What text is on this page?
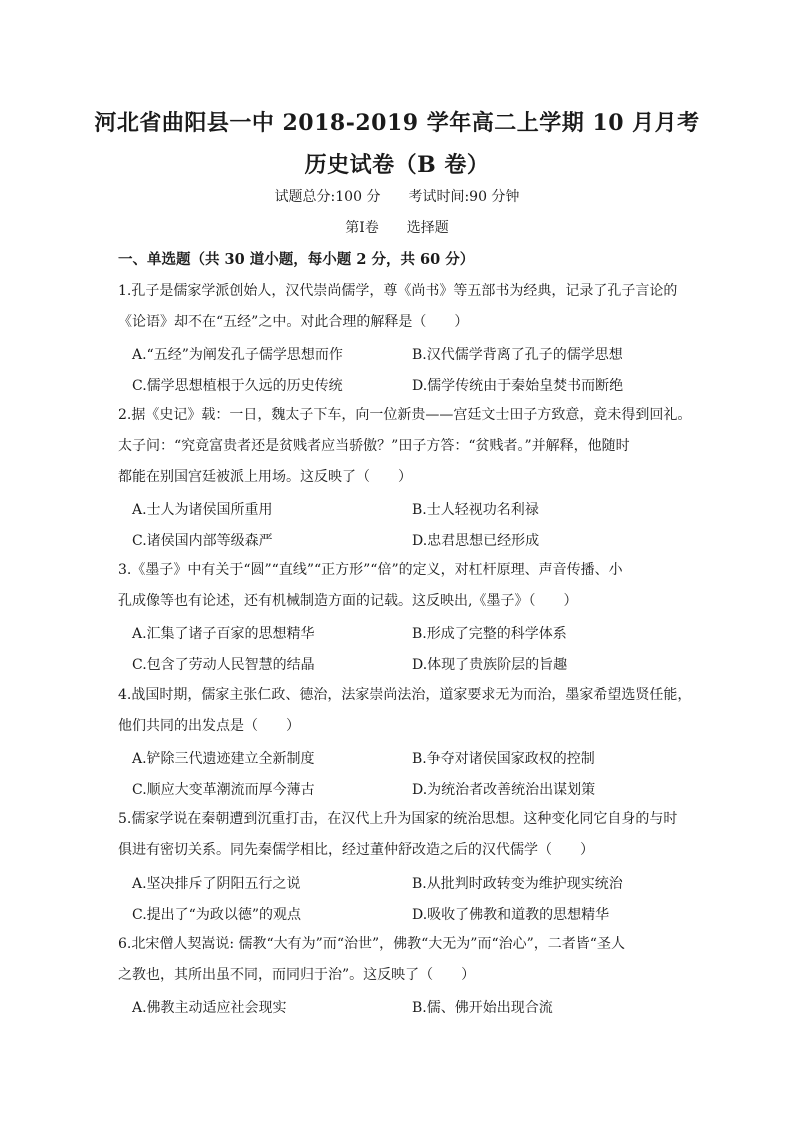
河北省曲阳县一中 2018-2019 学年高二上学期 10 月月考
历史试卷（B 卷）
试题总分:100 分　　考试时间:90 分钟
第Ⅰ卷　　选择题
一、单选题（共 30 道小题，每小题 2 分，共 60 分）
1.孔子是儒家学派创始人，汉代崇尚儒学，尊《尚书》等五部书为经典，记录了孔子言论的
《论语》却不在“五经”之中。对此合理的解释是（　　）
A.“五经”为阐发孔子儒学思想而作	B.汉代儒学背离了孔子的儒学思想
C.儒学思想植根于久远的历史传统	D.儒学传统由于秦始皇焚书而断绝
2.据《史记》载：一日，魏太子下车，向一位新贵——宫廷文士田子方致意，竟未得到回礼。
太子问：“究竟富贵者还是贫贱者应当骄傲？”田子方答：“贫贱者。”并解释，他随时
都能在别国宫廷被派上用场。这反映了（　　）
A.士人为诸侯国所重用	B.士人轻视功名利禄
C.诸侯国内部等级森严	D.忠君思想已经形成
3.《墨子》中有关于“圆”“直线”“正方形”“倍”的定义，对杠杆原理、声音传播、小
孔成像等也有论述，还有机械制造方面的记载。这反映出,《墨子》（　　）
A.汇集了诸子百家的思想精华	B.形成了完整的科学体系
C.包含了劳动人民智慧的结晶	D.体现了贵族阶层的旨趣
4.战国时期，儒家主张仁政、德治，法家崇尚法治，道家要求无为而治，墨家希望选贤任能，
他们共同的出发点是（　　）
A.铲除三代遗迹建立全新制度	B.争夺对诸侯国家政权的控制
C.顺应大变革潮流而厚今薄古	D.为统治者改善统治出谋划策
5.儒家学说在秦朝遭到沉重打击，在汉代上升为国家的统治思想。这种变化同它自身的与时
俱进有密切关系。同先秦儒学相比，经过董仲舒改造之后的汉代儒学（　　）
A.坚决排斥了阴阳五行之说	B.从批判时政转变为维护现实统治
C.提出了“为政以德”的观点	D.吸收了佛教和道教的思想精华
6.北宋僧人契嵩说: 儒教“大有为”而“治世”，佛教“大无为”而“治心”，二者皆“圣人
之教也，其所出虽不同，而同归于治”。这反映了（　　）
A.佛教主动适应社会现实	B.儒、佛开始出现合流
